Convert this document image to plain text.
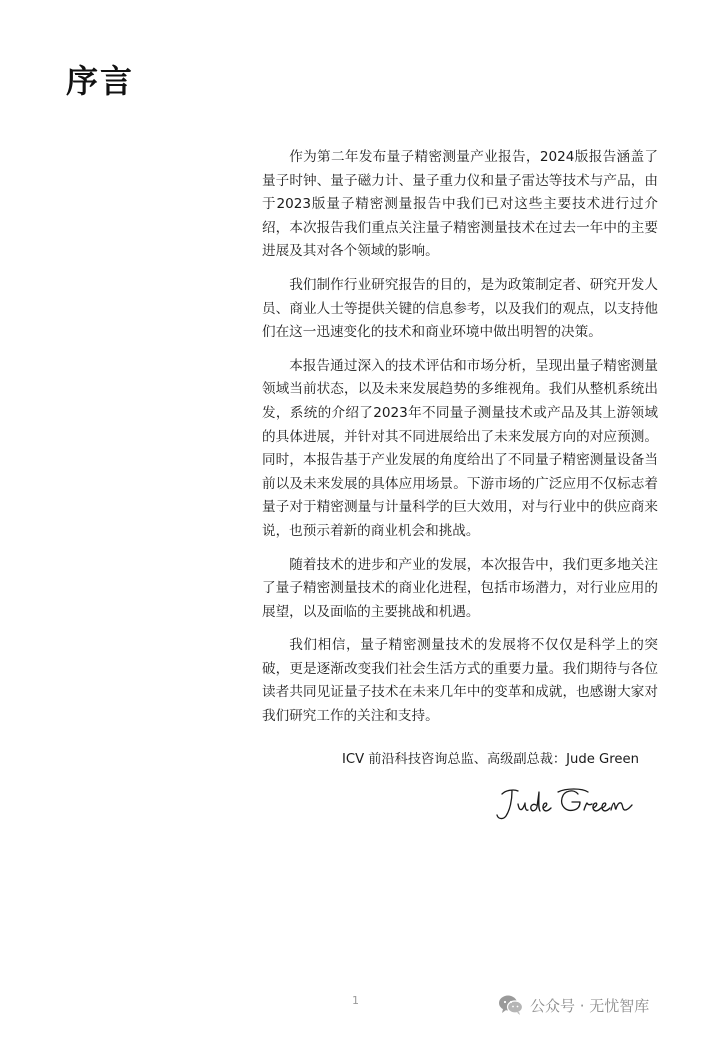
序言

作为第二年发布量子精密测量产业报告，2024版报告涵盖了量子时钟、量子磁力计、量子重力仪和量子雷达等技术与产品，由于2023版量子精密测量报告中我们已对这些主要技术进行过介绍，本次报告我们重点关注量子精密测量技术在过去一年中的主要进展及其对各个领域的影响。

我们制作行业研究报告的目的，是为政策制定者、研究开发人员、商业人士等提供关键的信息参考，以及我们的观点，以支持他们在这一迅速变化的技术和商业环境中做出明智的决策。

本报告通过深入的技术评估和市场分析，呈现出量子精密测量领域当前状态，以及未来发展趋势的多维视角。我们从整机系统出发，系统的介绍了2023年不同量子测量技术或产品及其上游领域的具体进展，并针对其不同进展给出了未来发展方向的对应预测。同时，本报告基于产业发展的角度给出了不同量子精密测量设备当前以及未来发展的具体应用场景。下游市场的广泛应用不仅标志着量子对于精密测量与计量科学的巨大效用，对与行业中的供应商来说，也预示着新的商业机会和挑战。

随着技术的进步和产业的发展，本次报告中，我们更多地关注了量子精密测量技术的商业化进程，包括市场潜力，对行业应用的展望，以及面临的主要挑战和机遇。

我们相信，量子精密测量技术的发展将不仅仅是科学上的突破，更是逐渐改变我们社会生活方式的重要力量。我们期待与各位读者共同见证量子技术在未来几年中的变革和成就，也感谢大家对我们研究工作的关注和支持。

ICV 前沿科技咨询总监、高级副总裁：Jude Green
1	公众号 · 无忧智库
